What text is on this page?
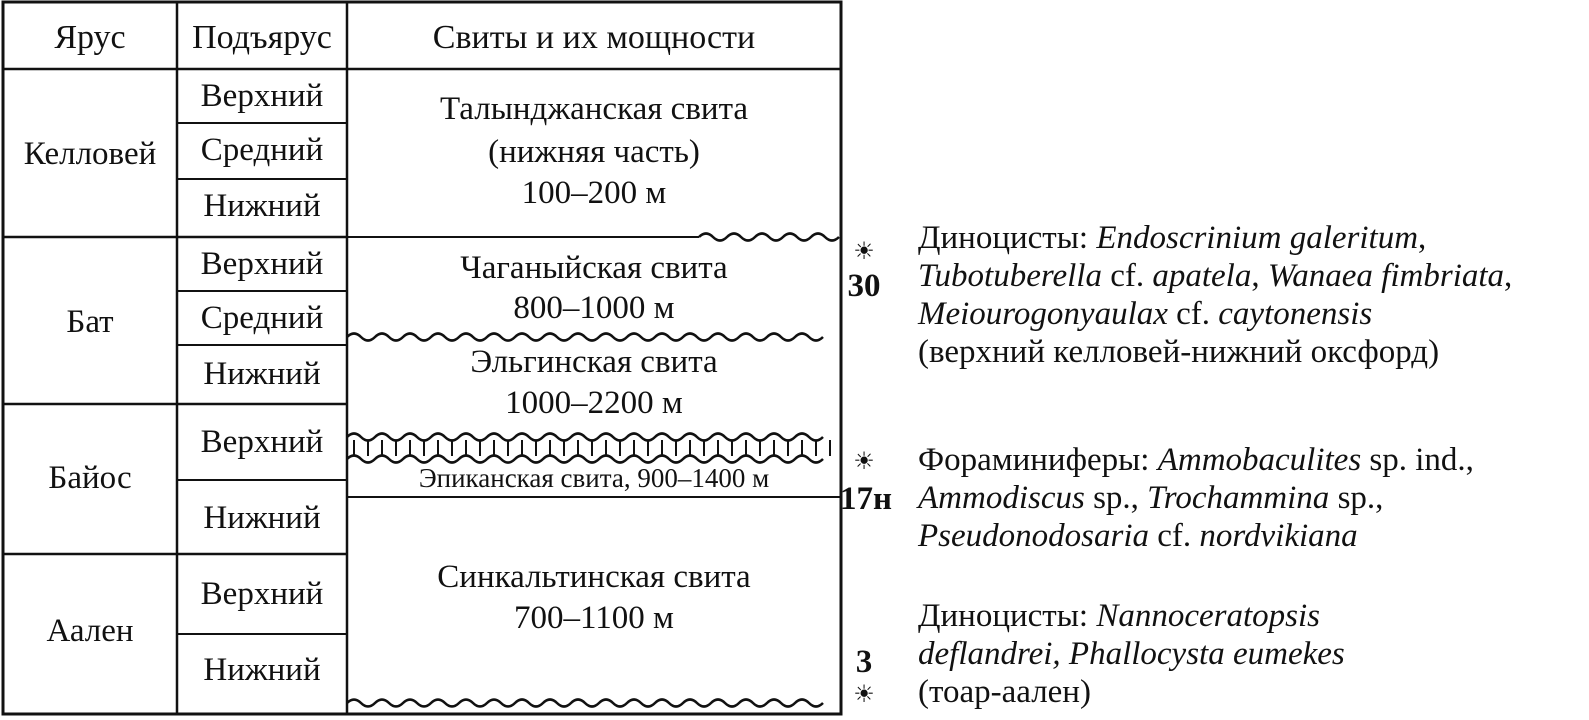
Ярус Подъярус	Свиты и их мощности
Келловей
Бат
Байос
Аален
Верхний
Средний
Нижний
Верхний
Средний
Нижний
Верхний
Нижний
Верхний
Нижний
Талынджанская свита
(нижняя часть)
100–200 м
Чаганыйская свита
800–1000 м
Эльгинская свита
1000–2200 м
Эпиканская свита, 900–1400 м
Синкальтинская свита
700–1100 м
☀
30
☀
17н
3
☀
Диноцисты: Endoscrinium galeritum,
Tubotuberella cf. apatela, Wanaea fimbriata,
Meiourogonyaulax cf. caytonensis
(верхний келловей-нижний оксфорд)
Фораминиферы: Ammobaculites sp. ind.,
Ammodiscus sp., Trochammina sp.,
Pseudonodosaria cf. nordvikiana
Диноцисты: Nannoceratopsis
deflandrei, Phallocysta eumekes
(тоар-аален)
